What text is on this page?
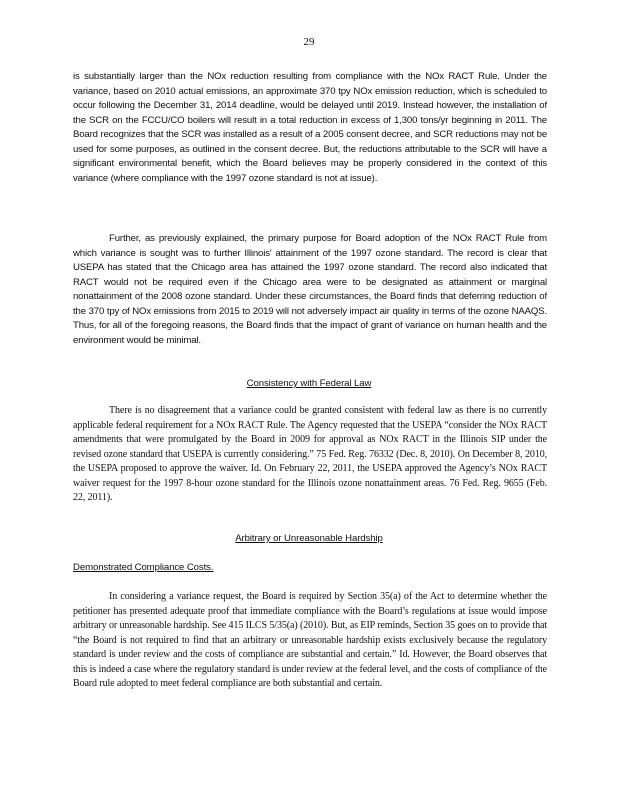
29

is substantially larger than the NOx reduction resulting from compliance with the NOx RACT Rule. Under the variance, based on 2010 actual emissions, an approximate 370 tpy NOx emission reduction, which is scheduled to occur following the December 31, 2014 deadline, would be delayed until 2019. Instead however, the installation of the SCR on the FCCU/CO boilers will result in a total reduction in excess of 1,300 tons/yr beginning in 2011. The Board recognizes that the SCR was installed as a result of a 2005 consent decree, and SCR reductions may not be used for some purposes, as outlined in the consent decree. But, the reductions attributable to the SCR will have a significant environmental benefit, which the Board believes may be properly considered in the context of this variance (where compliance with the 1997 ozone standard is not at issue).

Further, as previously explained, the primary purpose for Board adoption of the NOx RACT Rule from which variance is sought was to further Illinois' attainment of the 1997 ozone standard. The record is clear that USEPA has stated that the Chicago area has attained the 1997 ozone standard. The record also indicated that RACT would not be required even if the Chicago area were to be designated as attainment or marginal nonattainment of the 2008 ozone standard. Under these circumstances, the Board finds that deferring reduction of the 370 tpy of NOx emissions from 2015 to 2019 will not adversely impact air quality in terms of the ozone NAAQS. Thus, for all of the foregoing reasons, the Board finds that the impact of grant of variance on human health and the environment would be minimal.

Consistency with Federal Law

There is no disagreement that a variance could be granted consistent with federal law as there is no currently applicable federal requirement for a NOx RACT Rule. The Agency requested that the USEPA “consider the NOx RACT amendments that were promulgated by the Board in 2009 for approval as NOx RACT in the Illinois SIP under the revised ozone standard that USEPA is currently considering.” 75 Fed. Reg. 76332 (Dec. 8, 2010). On December 8, 2010, the USEPA proposed to approve the waiver. Id. On February 22, 2011, the USEPA approved the Agency’s NOx RACT waiver request for the 1997 8-hour ozone standard for the Illinois ozone nonattainment areas. 76 Fed. Reg. 9655 (Feb. 22, 2011).

Arbitrary or Unreasonable Hardship
Demonstrated Compliance Costs.

In considering a variance request, the Board is required by Section 35(a) of the Act to determine whether the petitioner has presented adequate proof that immediate compliance with the Board’s regulations at issue would impose arbitrary or unreasonable hardship. See 415 ILCS 5/35(a) (2010). But, as EIP reminds, Section 35 goes on to provide that “the Board is not required to find that an arbitrary or unreasonable hardship exists exclusively because the regulatory standard is under review and the costs of compliance are substantial and certain.” Id. However, the Board observes that this is indeed a case where the regulatory standard is under review at the federal level, and the costs of compliance of the Board rule adopted to meet federal compliance are both substantial and certain.
